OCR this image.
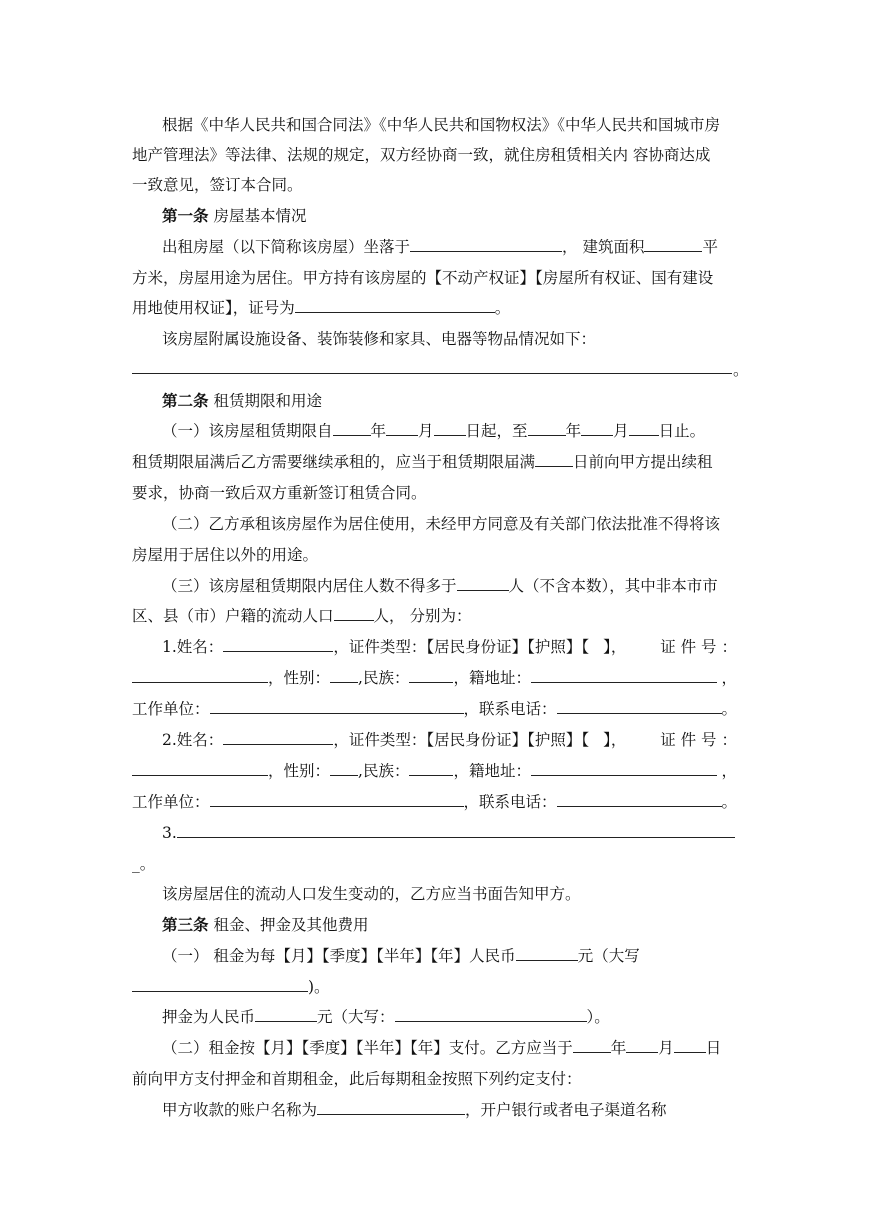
根据《中华人民共和国合同法》《中华人民共和国物权法》《中华人民共和国城市房
地产管理法》等法律、法规的规定，双方经协商一致，就住房租赁相关内 容协商达成
一致意见，签订本合同。
第一条 房屋基本情况
出租房屋（以下简称该房屋）坐落于	， 建筑面积	平
方米，房屋用途为居住。甲方持有该房屋的【不动产权证】【房屋所有权证、国有建设
用地使用权证】，证号为	。
该房屋附属设施设备、装饰装修和家具、电器等物品情况如下：
。
第二条 租赁期限和用途
（一）该房屋租赁期限自 年 月 日起，至 年 月 日止。
租赁期限届满后乙方需要继续承租的，应当于租赁期限届满 日前向甲方提出续租
要求，协商一致后双方重新签订租赁合同。
（二）乙方承租该房屋作为居住使用，未经甲方同意及有关部门依法批准不得将该
房屋用于居住以外的用途。
（三）该房屋租赁期限内居住人数不得多于	人（不含本数），其中非本市市
区、县（市）户籍的流动人口	人， 分别为：
1.姓名：	，证件类型：【居民身份证】【护照】【 】， 证 件 号 ：
，性别： ,民族：	，籍地址：	，
工作单位：	，联系电话：	。
2.姓名：	，证件类型：【居民身份证】【护照】【 】， 证 件 号 ：
，性别： ,民族：	，籍地址：	，
工作单位：	，联系电话：	。
3.
_。
该房屋居住的流动人口发生变动的，乙方应当书面告知甲方。
第三条 租金、押金及其他费用
（一） 租金为每【月】【季度】【半年】【年】人民币	元（大写
)。
押金为人民币	元（大写：	）。
（二）租金按【月】【季度】【半年】【年】支付。乙方应当于 年 月 日
前向甲方支付押金和首期租金，此后每期租金按照下列约定支付：
甲方收款的账户名称为	，开户银行或者电子渠道名称
